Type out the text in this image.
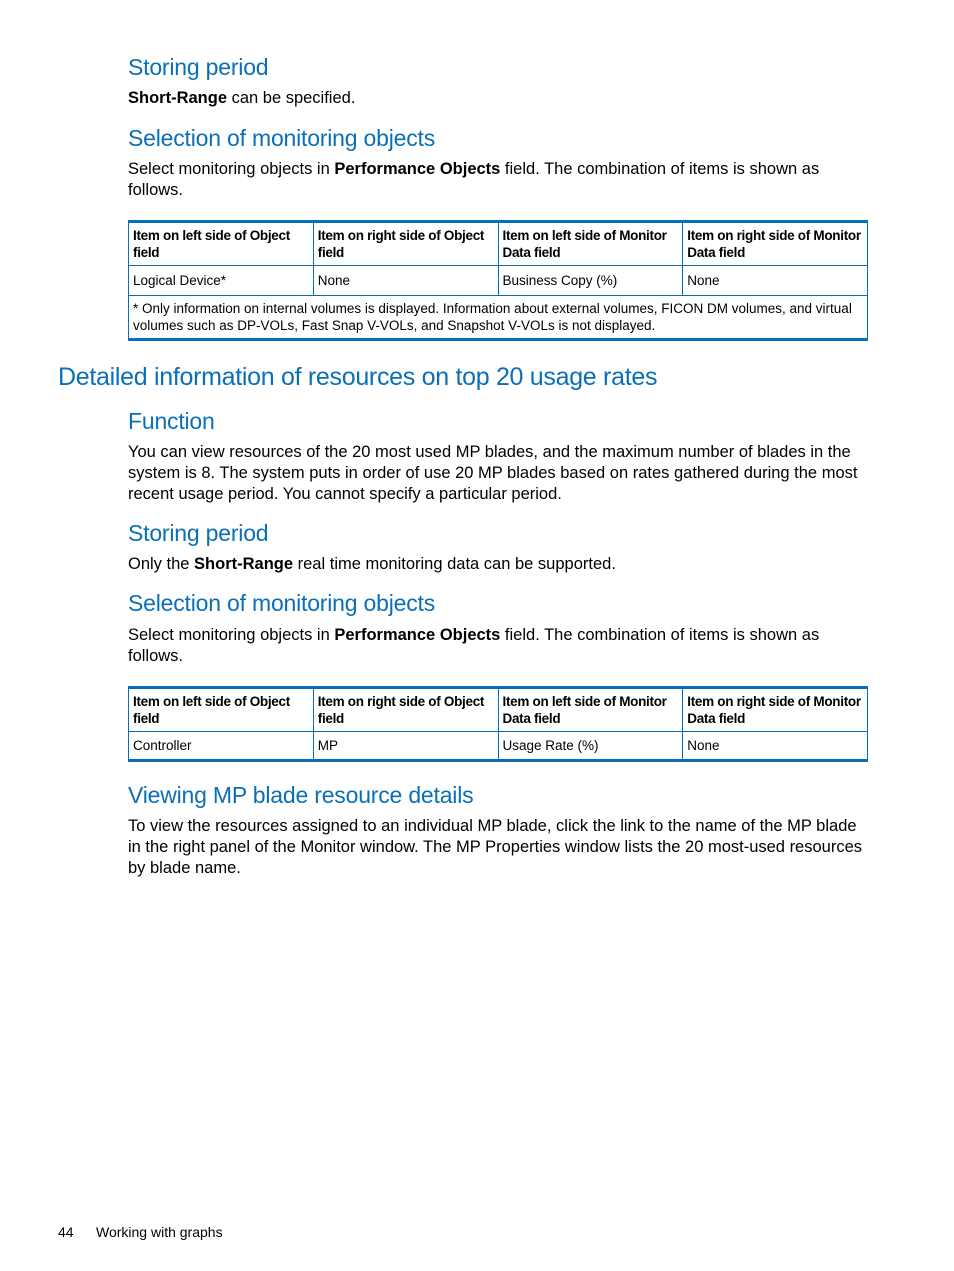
Storing period
Short-Range can be specified.
Selection of monitoring objects
Select monitoring objects in Performance Objects field. The combination of items is shown as follows.
Item on left side of Object field	Item on right side of Object field	Item on left side of Monitor Data field	Item on right side of Monitor Data field
Logical Device*	None	Business Copy (%)	None
* Only information on internal volumes is displayed. Information about external volumes, FICON DM volumes, and virtual volumes such as DP-VOLs, Fast Snap V-VOLs, and Snapshot V-VOLs is not displayed.			
Detailed information of resources on top 20 usage rates
Function
You can view resources of the 20 most used MP blades, and the maximum number of blades in the system is 8. The system puts in order of use 20 MP blades based on rates gathered during the most recent usage period. You cannot specify a particular period.
Storing period
Only the Short-Range real time monitoring data can be supported.
Selection of monitoring objects
Select monitoring objects in Performance Objects field. The combination of items is shown as follows.
Item on left side of Object field	Item on right side of Object field	Item on left side of Monitor Data field	Item on right side of Monitor Data field
Controller	MP	Usage Rate (%)	None
Viewing MP blade resource details
To view the resources assigned to an individual MP blade, click the link to the name of the MP blade in the right panel of the Monitor window. The MP Properties window lists the 20 most-used resources by blade name.
44 Working with graphs
